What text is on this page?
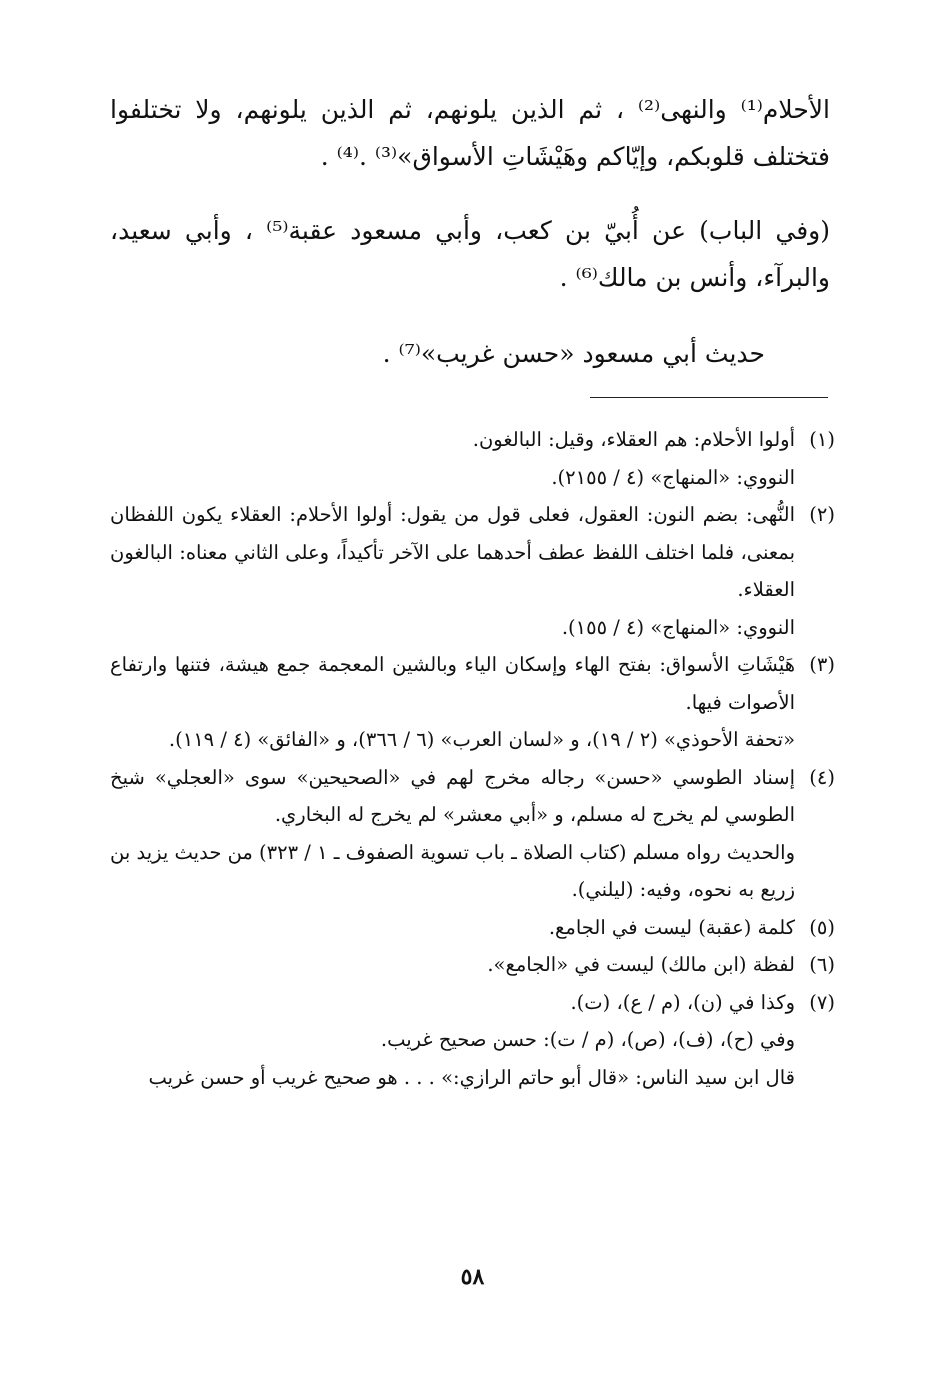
الأحلام⁽¹⁾ والنهى⁽²⁾ ، ثم الذين يلونهم، ثم الذين يلونهم، ولا تختلفوا فتختلف قلوبكم، وإيّاكم وهَيْشَاتِ الأسواق»⁽³⁾ .⁽⁴⁾ .
(وفي الباب) عن أُبيّ بن كعب، وأبي مسعود عقبة⁽⁵⁾ ، وأبي سعيد، والبرآء، وأنس بن مالك⁽⁶⁾ .
حديث أبي مسعود «حسن غريب»⁽⁷⁾ .
(١)
أولوا الأحلام: هم العقلاء، وقيل: البالغون.
النووي: «المنهاج» (٤ / ٢١٥٥).
(٢)
النُّهى: بضم النون: العقول، فعلى قول من يقول: أولوا الأحلام: العقلاء يكون اللفظان بمعنى، فلما اختلف اللفظ عطف أحدهما على الآخر تأكيداً، وعلى الثاني معناه: البالغون العقلاء.
النووي: «المنهاج» (٤ / ١٥٥).
(٣)
هَيْشَاتِ الأسواق: بفتح الهاء وإسكان الياء وبالشين المعجمة جمع هيشة، فتنها وارتفاع الأصوات فيها.
«تحفة الأحوذي» (٢ / ١٩)، و «لسان العرب» (٦ / ٣٦٦)، و «الفائق» (٤ / ١١٩).
(٤)
إسناد الطوسي «حسن» رجاله مخرج لهم في «الصحيحين» سوى «العجلي» شيخ الطوسي لم يخرج له مسلم، و «أبي معشر» لم يخرج له البخاري.
والحديث رواه مسلم (كتاب الصلاة ـ باب تسوية الصفوف ـ ١ / ٣٢٣) من حديث يزيد بن زريع به نحوه، وفيه: (ليلني).
(٥)
كلمة (عقبة) ليست في الجامع.
(٦)
لفظة (ابن مالك) ليست في «الجامع».
(٧)
وكذا في (ن)، (م / ع)، (ت).
وفي (ح)، (ف)، (ص)، (م / ت): حسن صحيح غريب.
قال ابن سيد الناس: «قال أبو حاتم الرازي:» . . . هو صحيح غريب أو حسن غريب
٥٨
